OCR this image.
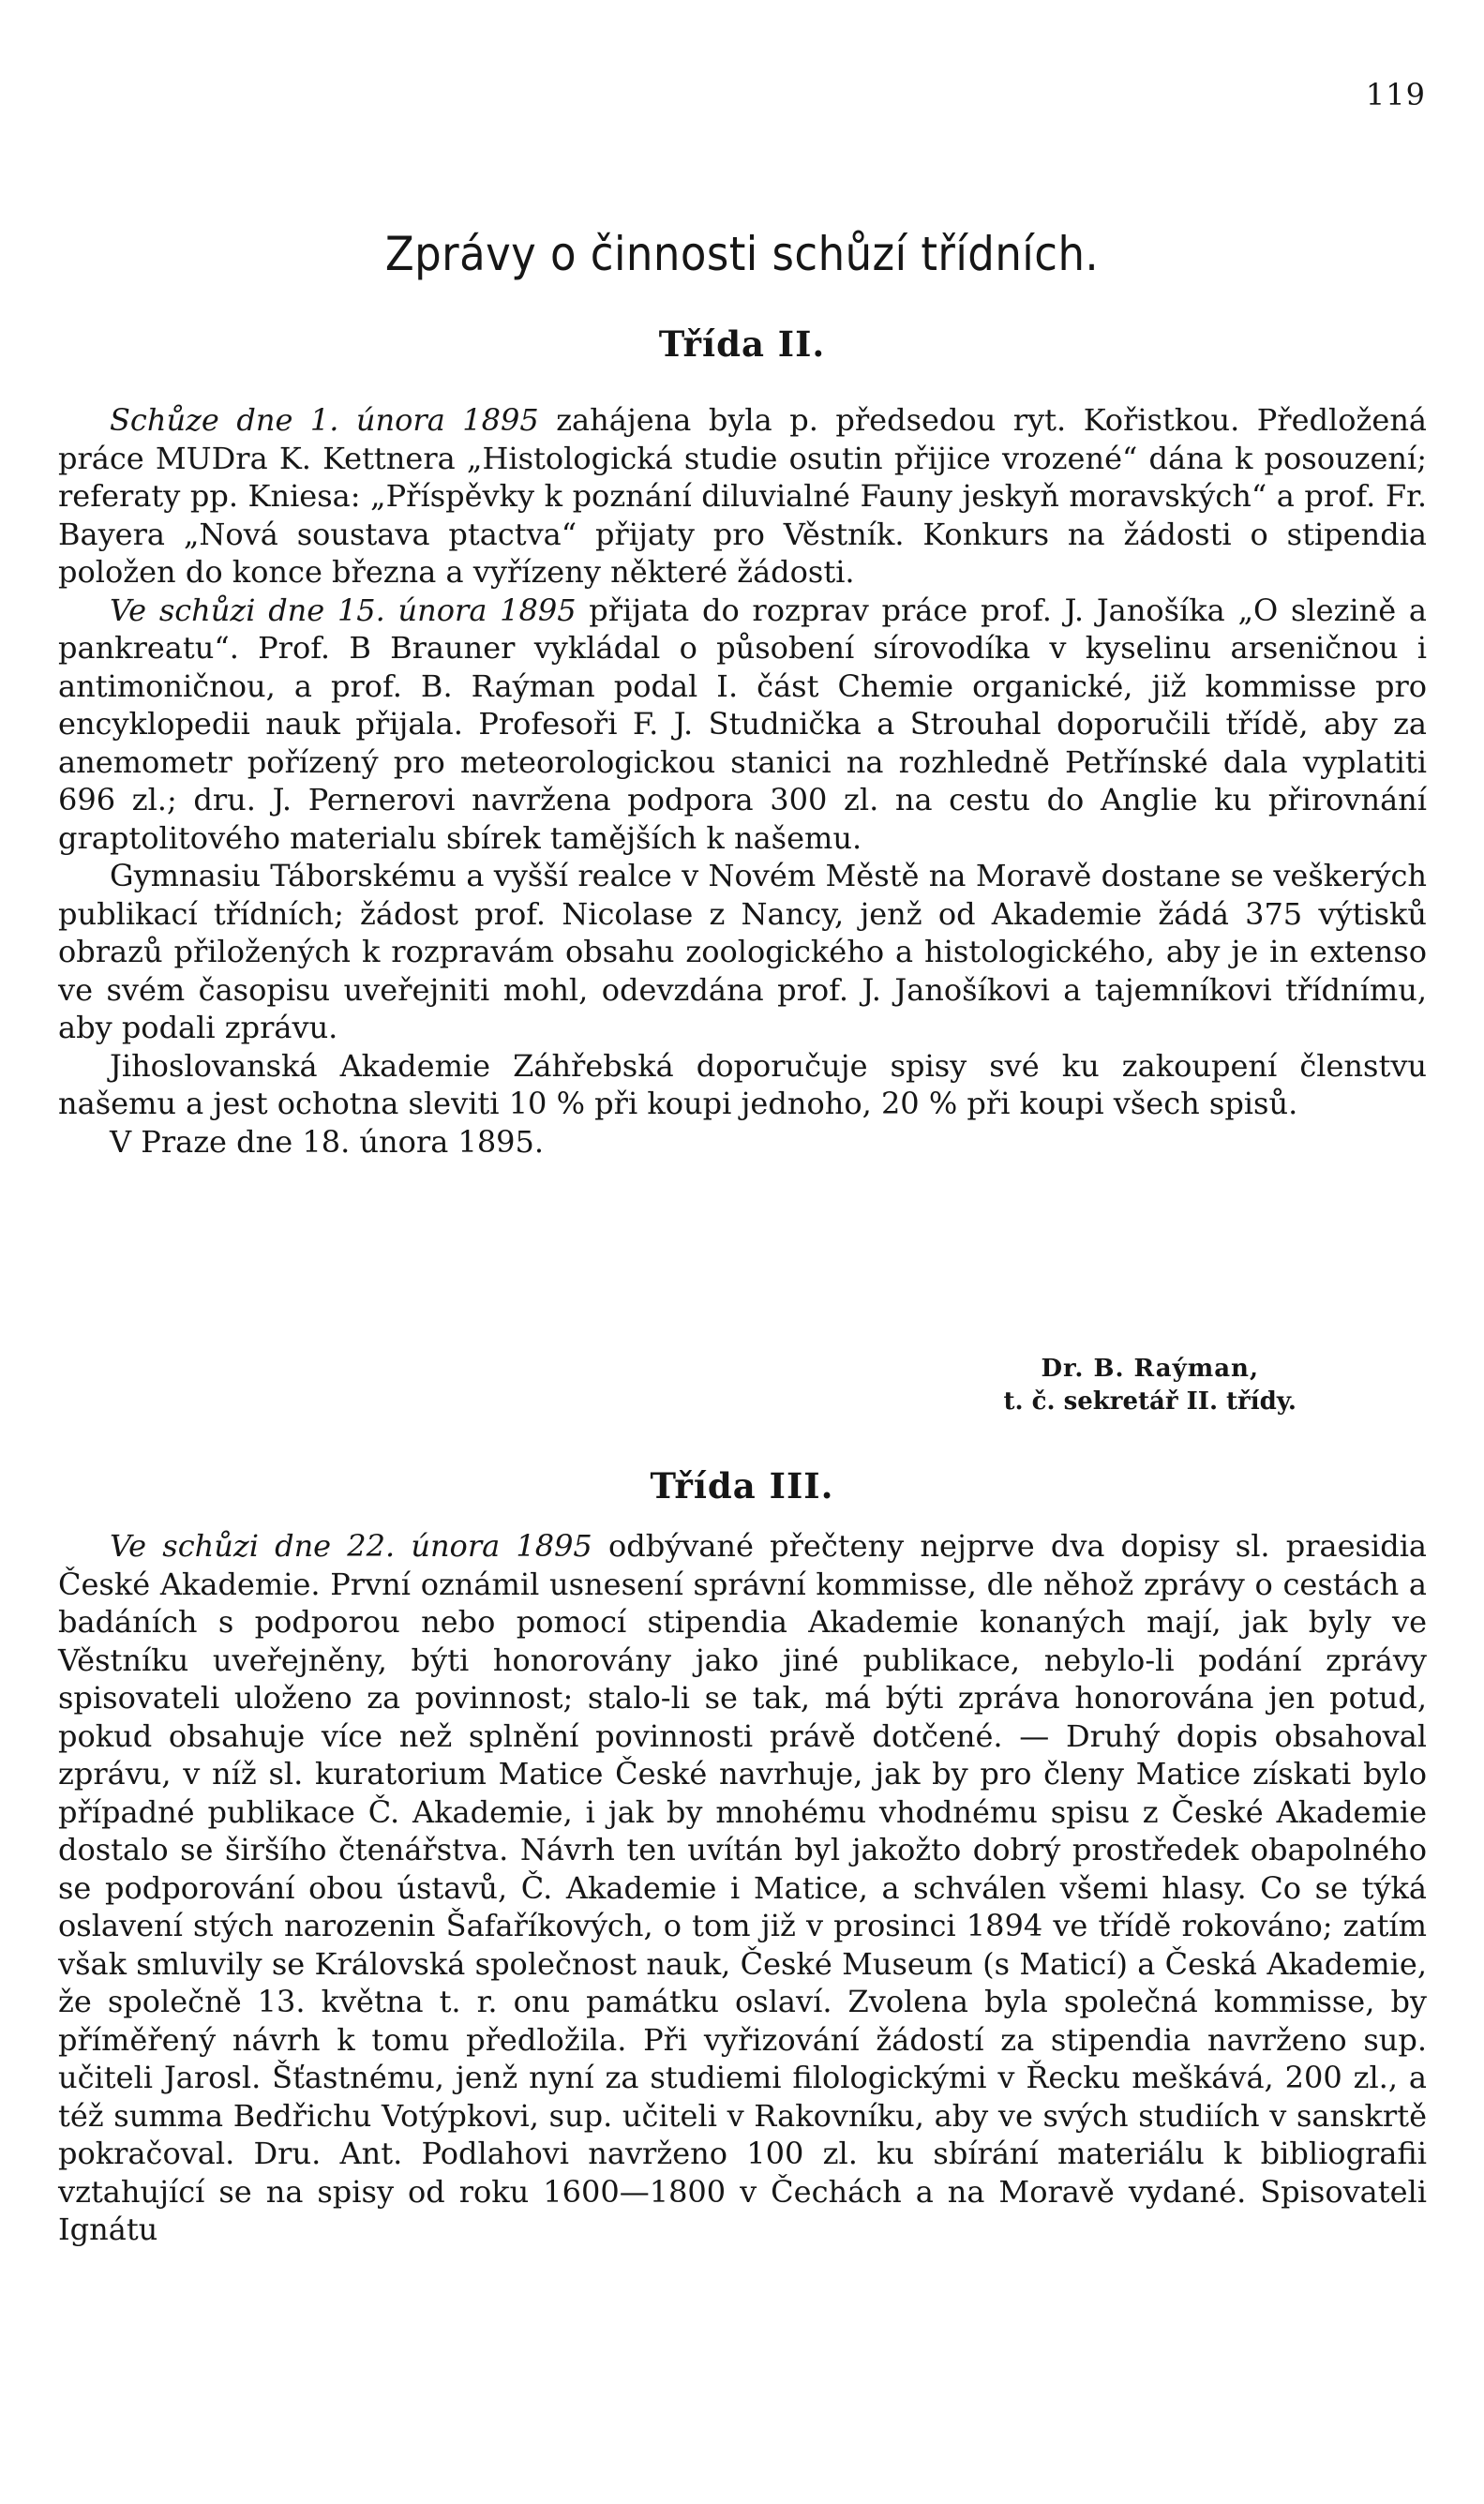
119
Zprávy o činnosti schůzí třídních.
Třída II.

Schůze dne 1. února 1895 zahájena byla p. předsedou ryt. Kořistkou. Předložená práce MUDra K. Kettnera „Histologická studie osutin přijice vrozené“ dána k posouzení; referaty pp. Kniesa: „Příspěvky k poznání diluvialné Fauny jeskyň moravských“ a prof. Fr. Bayera „Nová soustava ptactva“ přijaty pro Věstník. Konkurs na žádosti o stipendia položen do konce března a vyřízeny některé žádosti.

Ve schůzi dne 15. února 1895 přijata do rozprav práce prof. J. Janošíka „O slezině a pankreatu“. Prof. B Brauner vykládal o působení sírovodíka v kyselinu arseničnou i antimoničnou, a prof. B. Raýman podal I. část Chemie organické, již kommisse pro encyklopedii nauk přijala. Profesoři F. J. Studnička a Strouhal doporučili třídě, aby za anemometr pořízený pro meteorologickou stanici na rozhledně Petřínské dala vyplatiti 696 zl.; dru. J. Pernerovi navržena podpora 300 zl. na cestu do Anglie ku přirovnání graptolitového materialu sbírek tamějších k našemu.

Gymnasiu Táborskému a vyšší realce v Novém Městě na Moravě dostane se veškerých publikací třídních; žádost prof. Nicolase z Nancy, jenž od Akademie žádá 375 výtisků obrazů přiložených k rozpravám obsahu zoologického a histologického, aby je in extenso ve svém časopisu uveřejniti mohl, odevzdána prof. J. Janošíkovi a tajemníkovi třídnímu, aby podali zprávu.

Jihoslovanská Akademie Záhřebská doporučuje spisy své ku zakoupení členstvu našemu a jest ochotna sleviti 10 % při koupi jednoho, 20 % při koupi všech spisů.

V Praze dne 18. února 1895.

Dr. B. Raýman,
t. č. sekretář II. třídy.
Třída III.

Ve schůzi dne 22. února 1895 odbývané přečteny nejprve dva dopisy sl. praesidia České Akademie. První oznámil usnesení správní kommisse, dle něhož zprávy o cestách a badáních s podporou nebo pomocí stipendia Akademie konaných mají, jak byly ve Věstníku uveřejněny, býti honorovány jako jiné publikace, nebylo-li podání zprávy spisovateli uloženo za povinnost; stalo-li se tak, má býti zpráva honorována jen potud, pokud obsahuje více než splnění povinnosti právě dotčené. — Druhý dopis obsahoval zprávu, v níž sl. kuratorium Matice České navrhuje, jak by pro členy Matice získati bylo případné publikace Č. Akademie, i jak by mnohému vhodnému spisu z České Akademie dostalo se širšího čtenářstva. Návrh ten uvítán byl jakožto dobrý prostředek obapolného se podporování obou ústavů, Č. Akademie i Matice, a schválen všemi hlasy. Co se týká oslavení stých narozenin Šafaříkových, o tom již v prosinci 1894 ve třídě rokováno; zatím však smluvily se Královská společnost nauk, České Museum (s Maticí) a Česká Akademie, že společně 13. května t. r. onu památku oslaví. Zvolena byla společná kommisse, by příměřený návrh k tomu předložila. Při vyřizování žádostí za stipendia navrženo sup. učiteli Jarosl. Šťastnému, jenž nyní za studiemi filologickými v Řecku meškává, 200 zl., a též summa Bedřichu Votýpkovi, sup. učiteli v Rakovníku, aby ve svých studiích v sanskrtě pokračoval. Dru. Ant. Podlahovi navrženo 100 zl. ku sbírání materiálu k bibliografii vztahující se na spisy od roku 1600—1800 v Čechách a na Moravě vydané. Spisovateli Ignátu
